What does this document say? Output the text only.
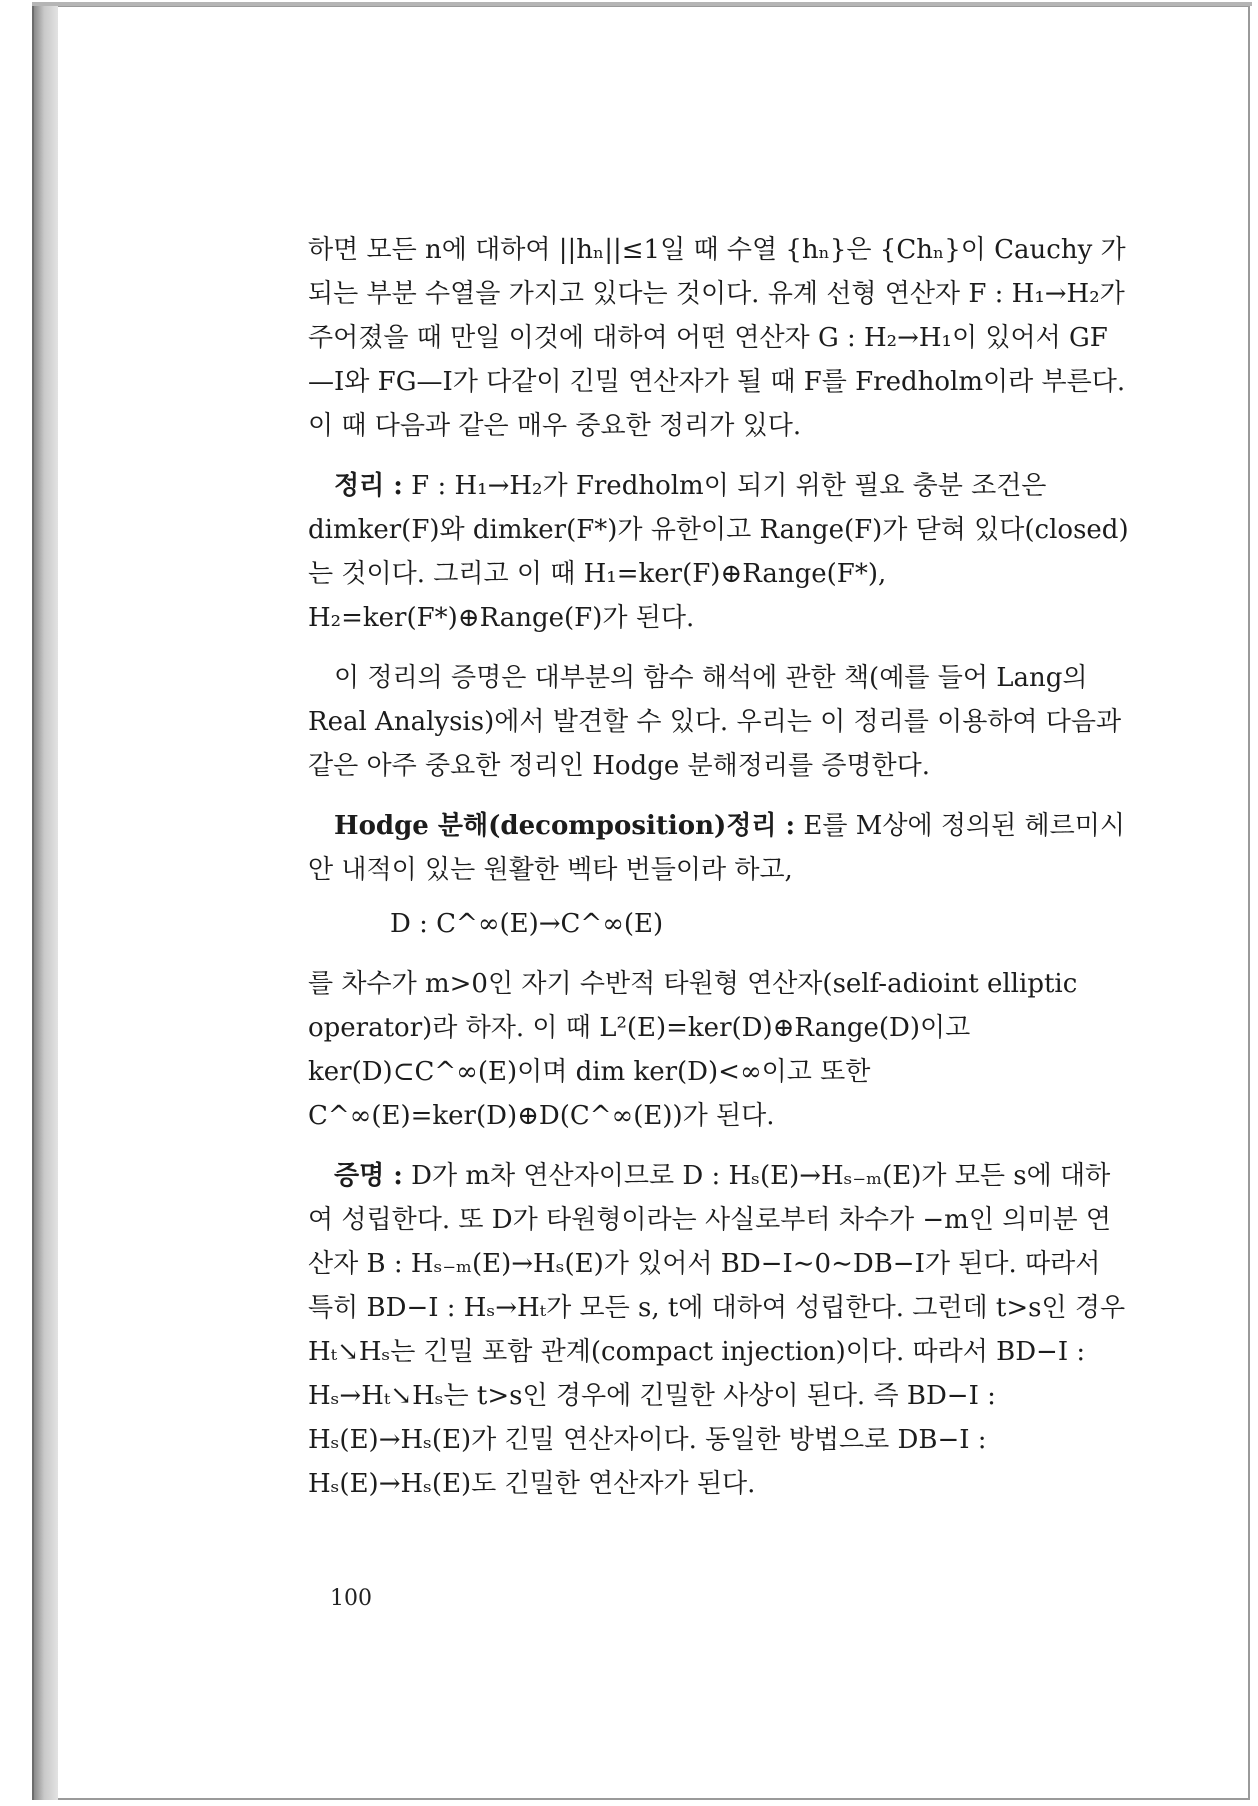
하면 모든 n에 대하여 ||hₙ||≤1일 때 수열 {hₙ}은 {Chₙ}이 Cauchy 가 되는 부분 수열을 가지고 있다는 것이다. 유계 선형 연산자 F : H₁→H₂가 주어졌을 때 만일 이것에 대하여 어떤 연산자 G : H₂→H₁이 있어서 GF—Ⅰ와 FG—Ⅰ가 다같이 긴밀 연산자가 될 때 F를 Fredholm이라 부른다. 이 때 다음과 같은 매우 중요한 정리가 있다.

정리 : F : H₁→H₂가 Fredholm이 되기 위한 필요 충분 조건은 dimker(F)와 dimker(F*)가 유한이고 Range(F)가 닫혀 있다(closed)는 것이다. 그리고 이 때 H₁=ker(F)⊕Range(F*), H₂=ker(F*)⊕Range(F)가 된다.

이 정리의 증명은 대부분의 함수 해석에 관한 책(예를 들어 Lang의 Real Analysis)에서 발견할 수 있다. 우리는 이 정리를 이용하여 다음과 같은 아주 중요한 정리인 Hodge 분해정리를 증명한다.

Hodge 분해(decomposition)정리 : E를 M상에 정의된 헤르미시안 내적이 있는 원활한 벡타 번들이라 하고,

D : C^∞(E)→C^∞(E)

를 차수가 m>0인 자기 수반적 타원형 연산자(self-adioint elliptic operator)라 하자. 이 때 L²(E)=ker(D)⊕Range(D)이고 ker(D)⊂C^∞(E)이며 dim ker(D)<∞이고 또한 C^∞(E)=ker(D)⊕D(C^∞(E))가 된다.

증명 : D가 m차 연산자이므로 D : Hₛ(E)→Hₛ₋ₘ(E)가 모든 s에 대하여 성립한다. 또 D가 타원형이라는 사실로부터 차수가 −m인 의미분 연산자 B : Hₛ₋ₘ(E)→Hₛ(E)가 있어서 BD−Ⅰ∼0∼DB−Ⅰ가 된다. 따라서 특히 BD−Ⅰ : Hₛ→Hₜ가 모든 s, t에 대하여 성립한다. 그런데 t>s인 경우 Hₜ↘Hₛ는 긴밀 포함 관계(compact injection)이다. 따라서 BD−I : Hₛ→Hₜ↘Hₛ는 t>s인 경우에 긴밀한 사상이 된다. 즉 BD−I : Hₛ(E)→Hₛ(E)가 긴밀 연산자이다. 동일한 방법으로 DB−I : Hₛ(E)→Hₛ(E)도 긴밀한 연산자가 된다.

100
